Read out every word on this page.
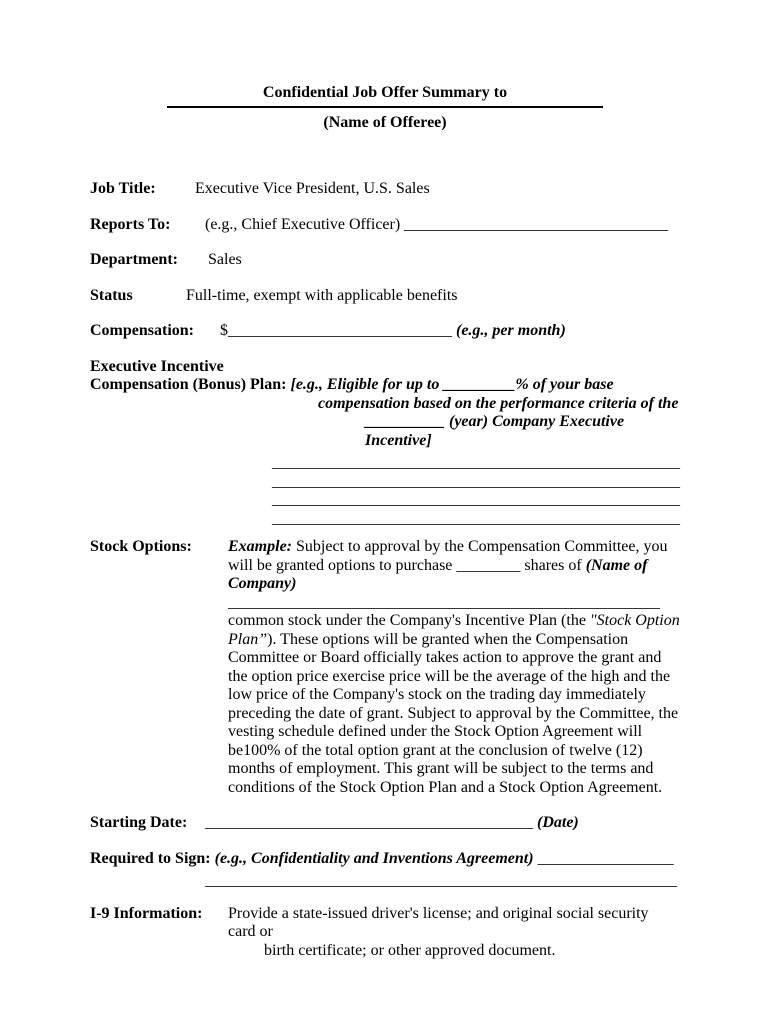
Confidential Job Offer Summary to
(Name of Offeree)
Job Title:	Executive Vice President, U.S. Sales
Reports To:	(e.g., Chief Executive Officer) _________________________________
Department:	Sales
Status	Full-time, exempt with applicable benefits
Compensation:	$____________________________ (e.g., per month)
Executive Incentive
Compensation (Bonus) Plan: [e.g., Eligible for up to _________% of your base
compensation based on the performance criteria of the
__________ (year) Company Executive Incentive]
___________________________________________________
___________________________________________________
___________________________________________________
___________________________________________________
Stock Options:	Example: Subject to approval by the Compensation Committee, you will be granted options to purchase ________ shares of (Name of Company)
______________________________________________________
common stock under the Company's Incentive Plan (the "Stock Option Plan”). These options will be granted when the Compensation Committee or Board officially takes action to approve the grant and the option price exercise price will be the average of the high and the low price of the Company's stock on the trading day immediately preceding the date of grant. Subject to approval by the Committee, the vesting schedule defined under the Stock Option Agreement will be100% of the total option grant at the conclusion of twelve (12) months of employment. This grant will be subject to the terms and conditions of the Stock Option Plan and a Stock Option Agreement.
Starting Date:	_________________________________________ (Date)
Required to Sign: (e.g., Confidentiality and Inventions Agreement) _________________
___________________________________________________________
I-9 Information:	Provide a state-issued driver's license; and original social security card or
birth certificate; or other approved document.
